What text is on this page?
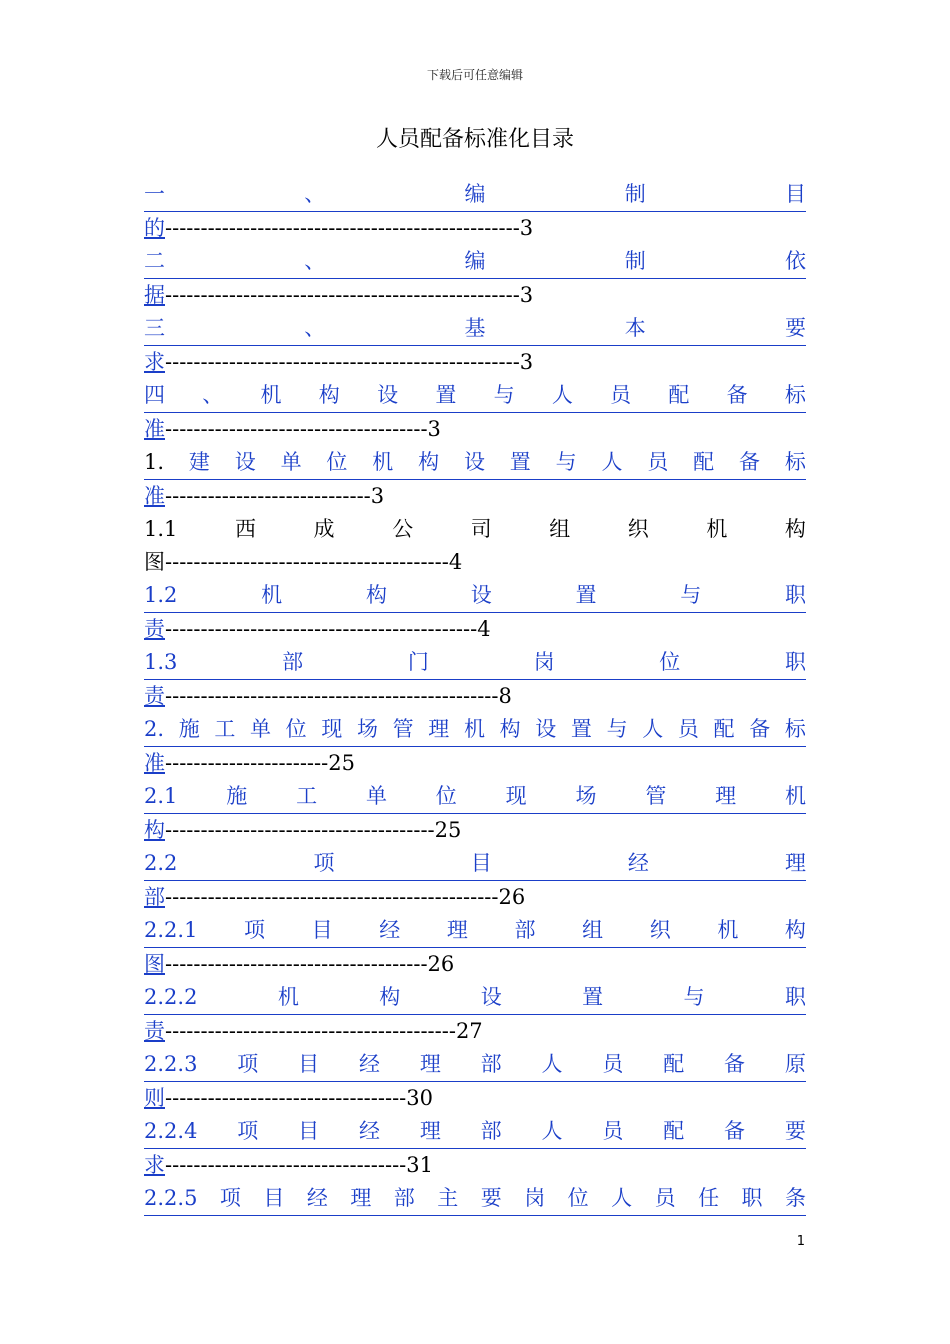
下载后可任意编辑
人员配备标准化目录
一	、	编	制	目
的--------------------------------------------------3
二	、	编	制	依
据--------------------------------------------------3
三	、	基	本	要
求--------------------------------------------------3
四 、 机 构 设 置 与 人 员 配 备 标
准-------------------------------------3
1. 建 设 单 位 机 构 设 置 与 人 员 配 备 标
准-----------------------------3
1.1	西	成	公	司	组	织	机	构
图----------------------------------------4
1.2	机	构	设	置	与	职
责--------------------------------------------4
1.3	部	门	岗	位	职
责-----------------------------------------------8
2. 施 工 单 位 现 场 管 理 机 构 设 置 与 人 员 配 备 标
准-----------------------25
2.1 施 工 单 位 现 场 管 理 机
构--------------------------------------25
2.2	项	目	经	理
部-----------------------------------------------26
2.2.1 项 目 经 理 部 组 织 机 构
图-------------------------------------26
2.2.2	机	构	设	置	与	职
责-----------------------------------------27
2.2.3 项 目 经 理 部 人 员 配 备 原
则----------------------------------30
2.2.4 项 目 经 理 部 人 员 配 备 要
求----------------------------------31
2.2.5 项 目 经 理 部 主 要 岗 位 人 员 任 职 条
1
